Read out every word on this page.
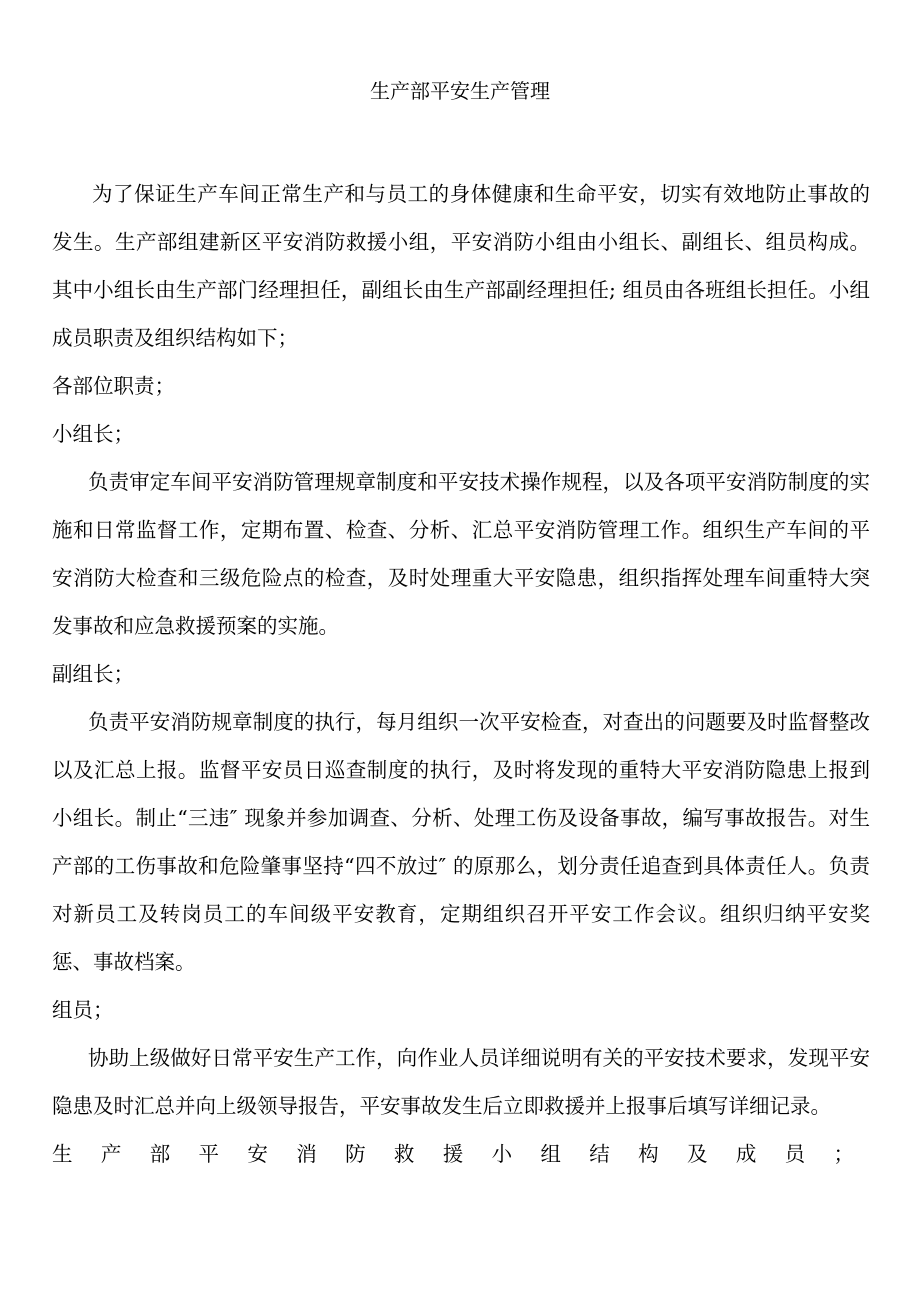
生产部平安生产管理

为了保证生产车间正常生产和与员工的身体健康和生命平安，切实有效地防止事故的发生。生产部组建新区平安消防救援小组，平安消防小组由小组长、副组长、组员构成。其中小组长由生产部门经理担任，副组长由生产部副经理担任; 组员由各班组长担任。小组成员职责及组织结构如下；

各部位职责；

小组长；

负责审定车间平安消防管理规章制度和平安技术操作规程，以及各项平安消防制度的实施和日常监督工作，定期布置、检查、分析、汇总平安消防管理工作。组织生产车间的平安消防大检查和三级危险点的检查，及时处理重大平安隐患，组织指挥处理车间重特大突发事故和应急救援预案的实施。

副组长；

负责平安消防规章制度的执行，每月组织一次平安检查，对查出的问题要及时监督整改以及汇总上报。监督平安员日巡查制度的执行，及时将发现的重特大平安消防隐患上报到小组长。制止“三违″ 现象并参加调查、分析、处理工伤及设备事故，编写事故报告。对生产部的工伤事故和危险肇事坚持“四不放过″ 的原那么，划分责任追查到具体责任人。负责对新员工及转岗员工的车间级平安教育，定期组织召开平安工作会议。组织归纳平安奖惩、事故档案。

组员；

协助上级做好日常平安生产工作，向作业人员详细说明有关的平安技术要求，发现平安隐患及时汇总并向上级领导报告，平安事故发生后立即救援并上报事后填写详细记录。

生 产 部 平 安 消 防 救 援 小 组 结 构 及 成 员 ；
